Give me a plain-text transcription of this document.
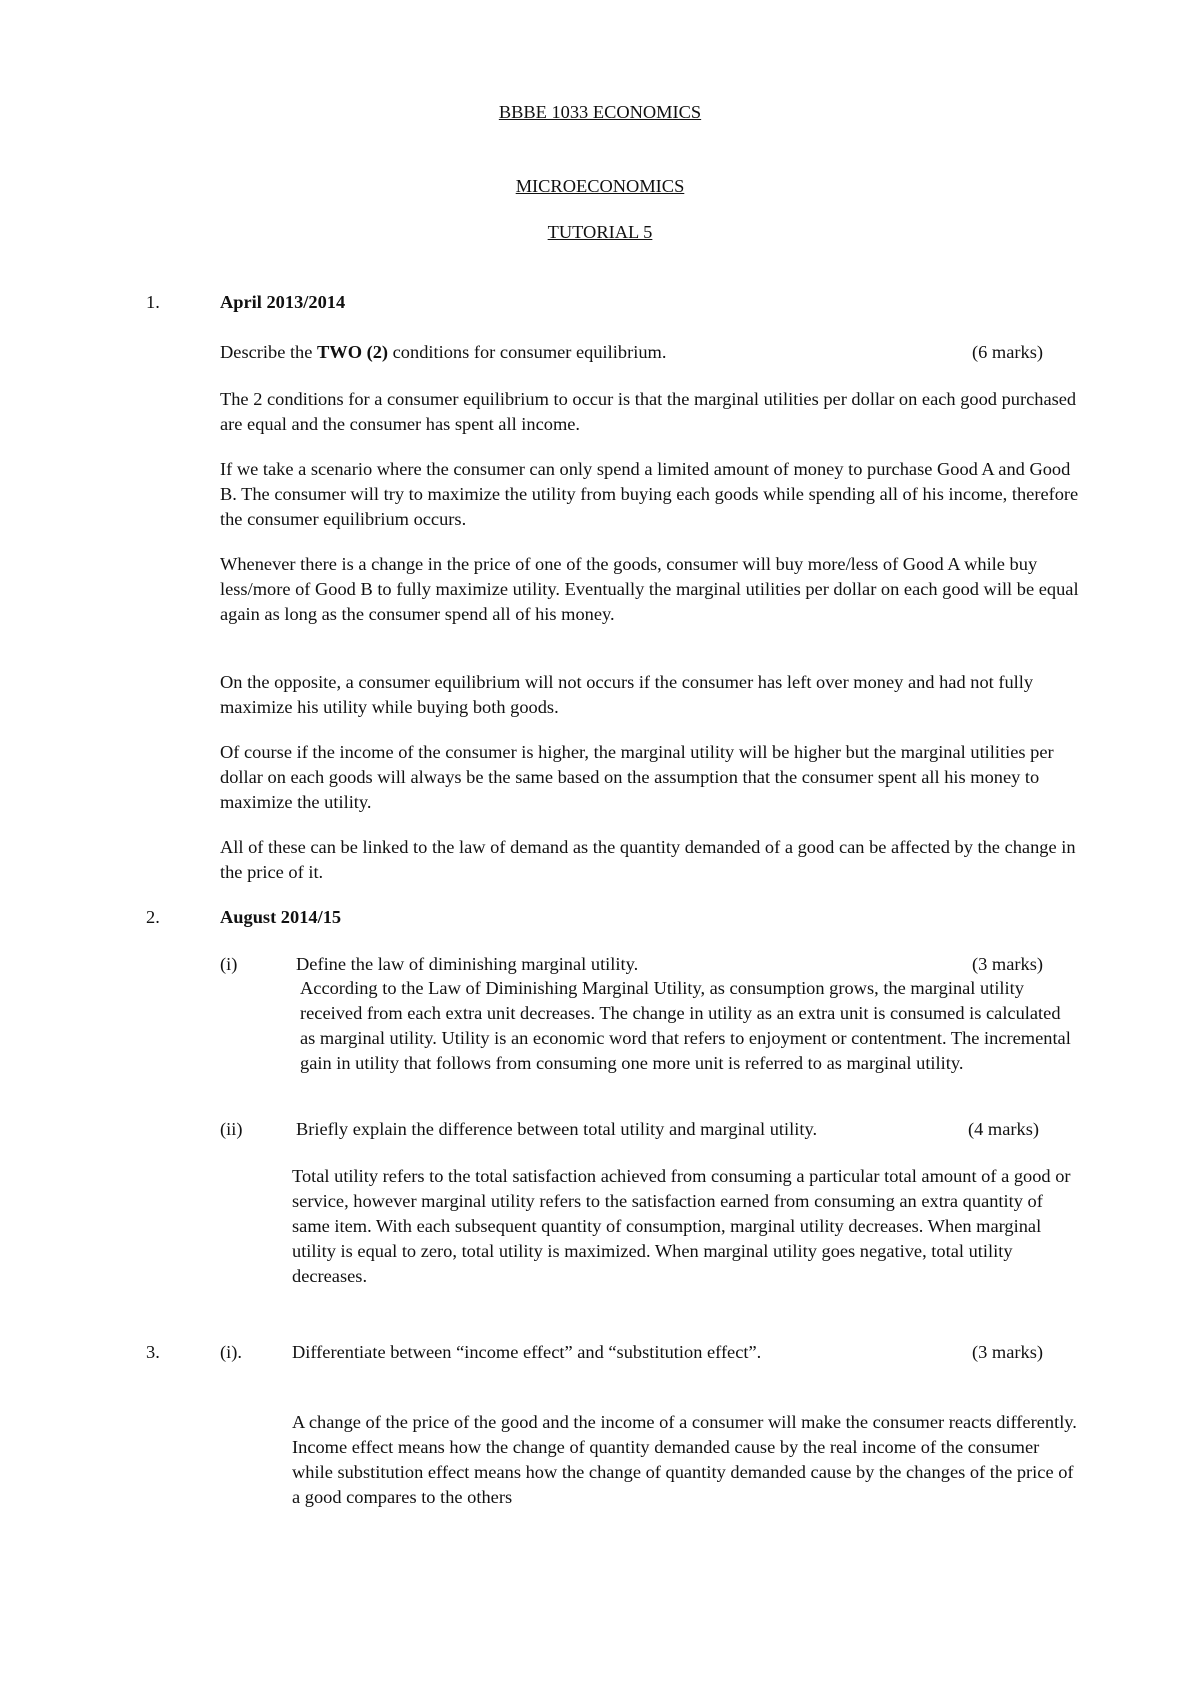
BBBE 1033 ECONOMICS
MICROECONOMICS
TUTORIAL 5
1.	April 2013/2014
Describe the TWO (2) conditions for consumer equilibrium.	(6 marks)
The 2 conditions for a consumer equilibrium to occur is that the marginal utilities per dollar on each good purchased are equal and the consumer has spent all income.
If we take a scenario where the consumer can only spend a limited amount of money to purchase Good A and Good B. The consumer will try to maximize the utility from buying each goods while spending all of his income, therefore the consumer equilibrium occurs.
Whenever there is a change in the price of one of the goods, consumer will buy more/less of Good A while buy less/more of Good B to fully maximize utility. Eventually the marginal utilities per dollar on each good will be equal again as long as the consumer spend all of his money.
On the opposite, a consumer equilibrium will not occurs if the consumer has left over money and had not fully maximize his utility while buying both goods.
Of course if the income of the consumer is higher, the marginal utility will be higher but the marginal utilities per dollar on each goods will always be the same based on the assumption that the consumer spent all his money to maximize the utility.
All of these can be linked to the law of demand as the quantity demanded of a good can be affected by the change in the price of it.
2.	August 2014/15
(i)	Define the law of diminishing marginal utility.	(3 marks)
According to the Law of Diminishing Marginal Utility, as consumption grows, the marginal utility received from each extra unit decreases. The change in utility as an extra unit is consumed is calculated as marginal utility. Utility is an economic word that refers to enjoyment or contentment. The incremental gain in utility that follows from consuming one more unit is referred to as marginal utility.
(ii)	Briefly explain the difference between total utility and marginal utility.	(4 marks)
Total utility refers to the total satisfaction achieved from consuming a particular total amount of a good or service, however marginal utility refers to the satisfaction earned from consuming an extra quantity of same item. With each subsequent quantity of consumption, marginal utility decreases. When marginal utility is equal to zero, total utility is maximized. When marginal utility goes negative, total utility decreases.
3.	(i).	Differentiate between “income effect” and “substitution effect”.	(3 marks)
A change of the price of the good and the income of a consumer will make the consumer reacts differently. Income effect means how the change of quantity demanded cause by the real income of the consumer while substitution effect means how the change of quantity demanded cause by the changes of the price of a good compares to the others
